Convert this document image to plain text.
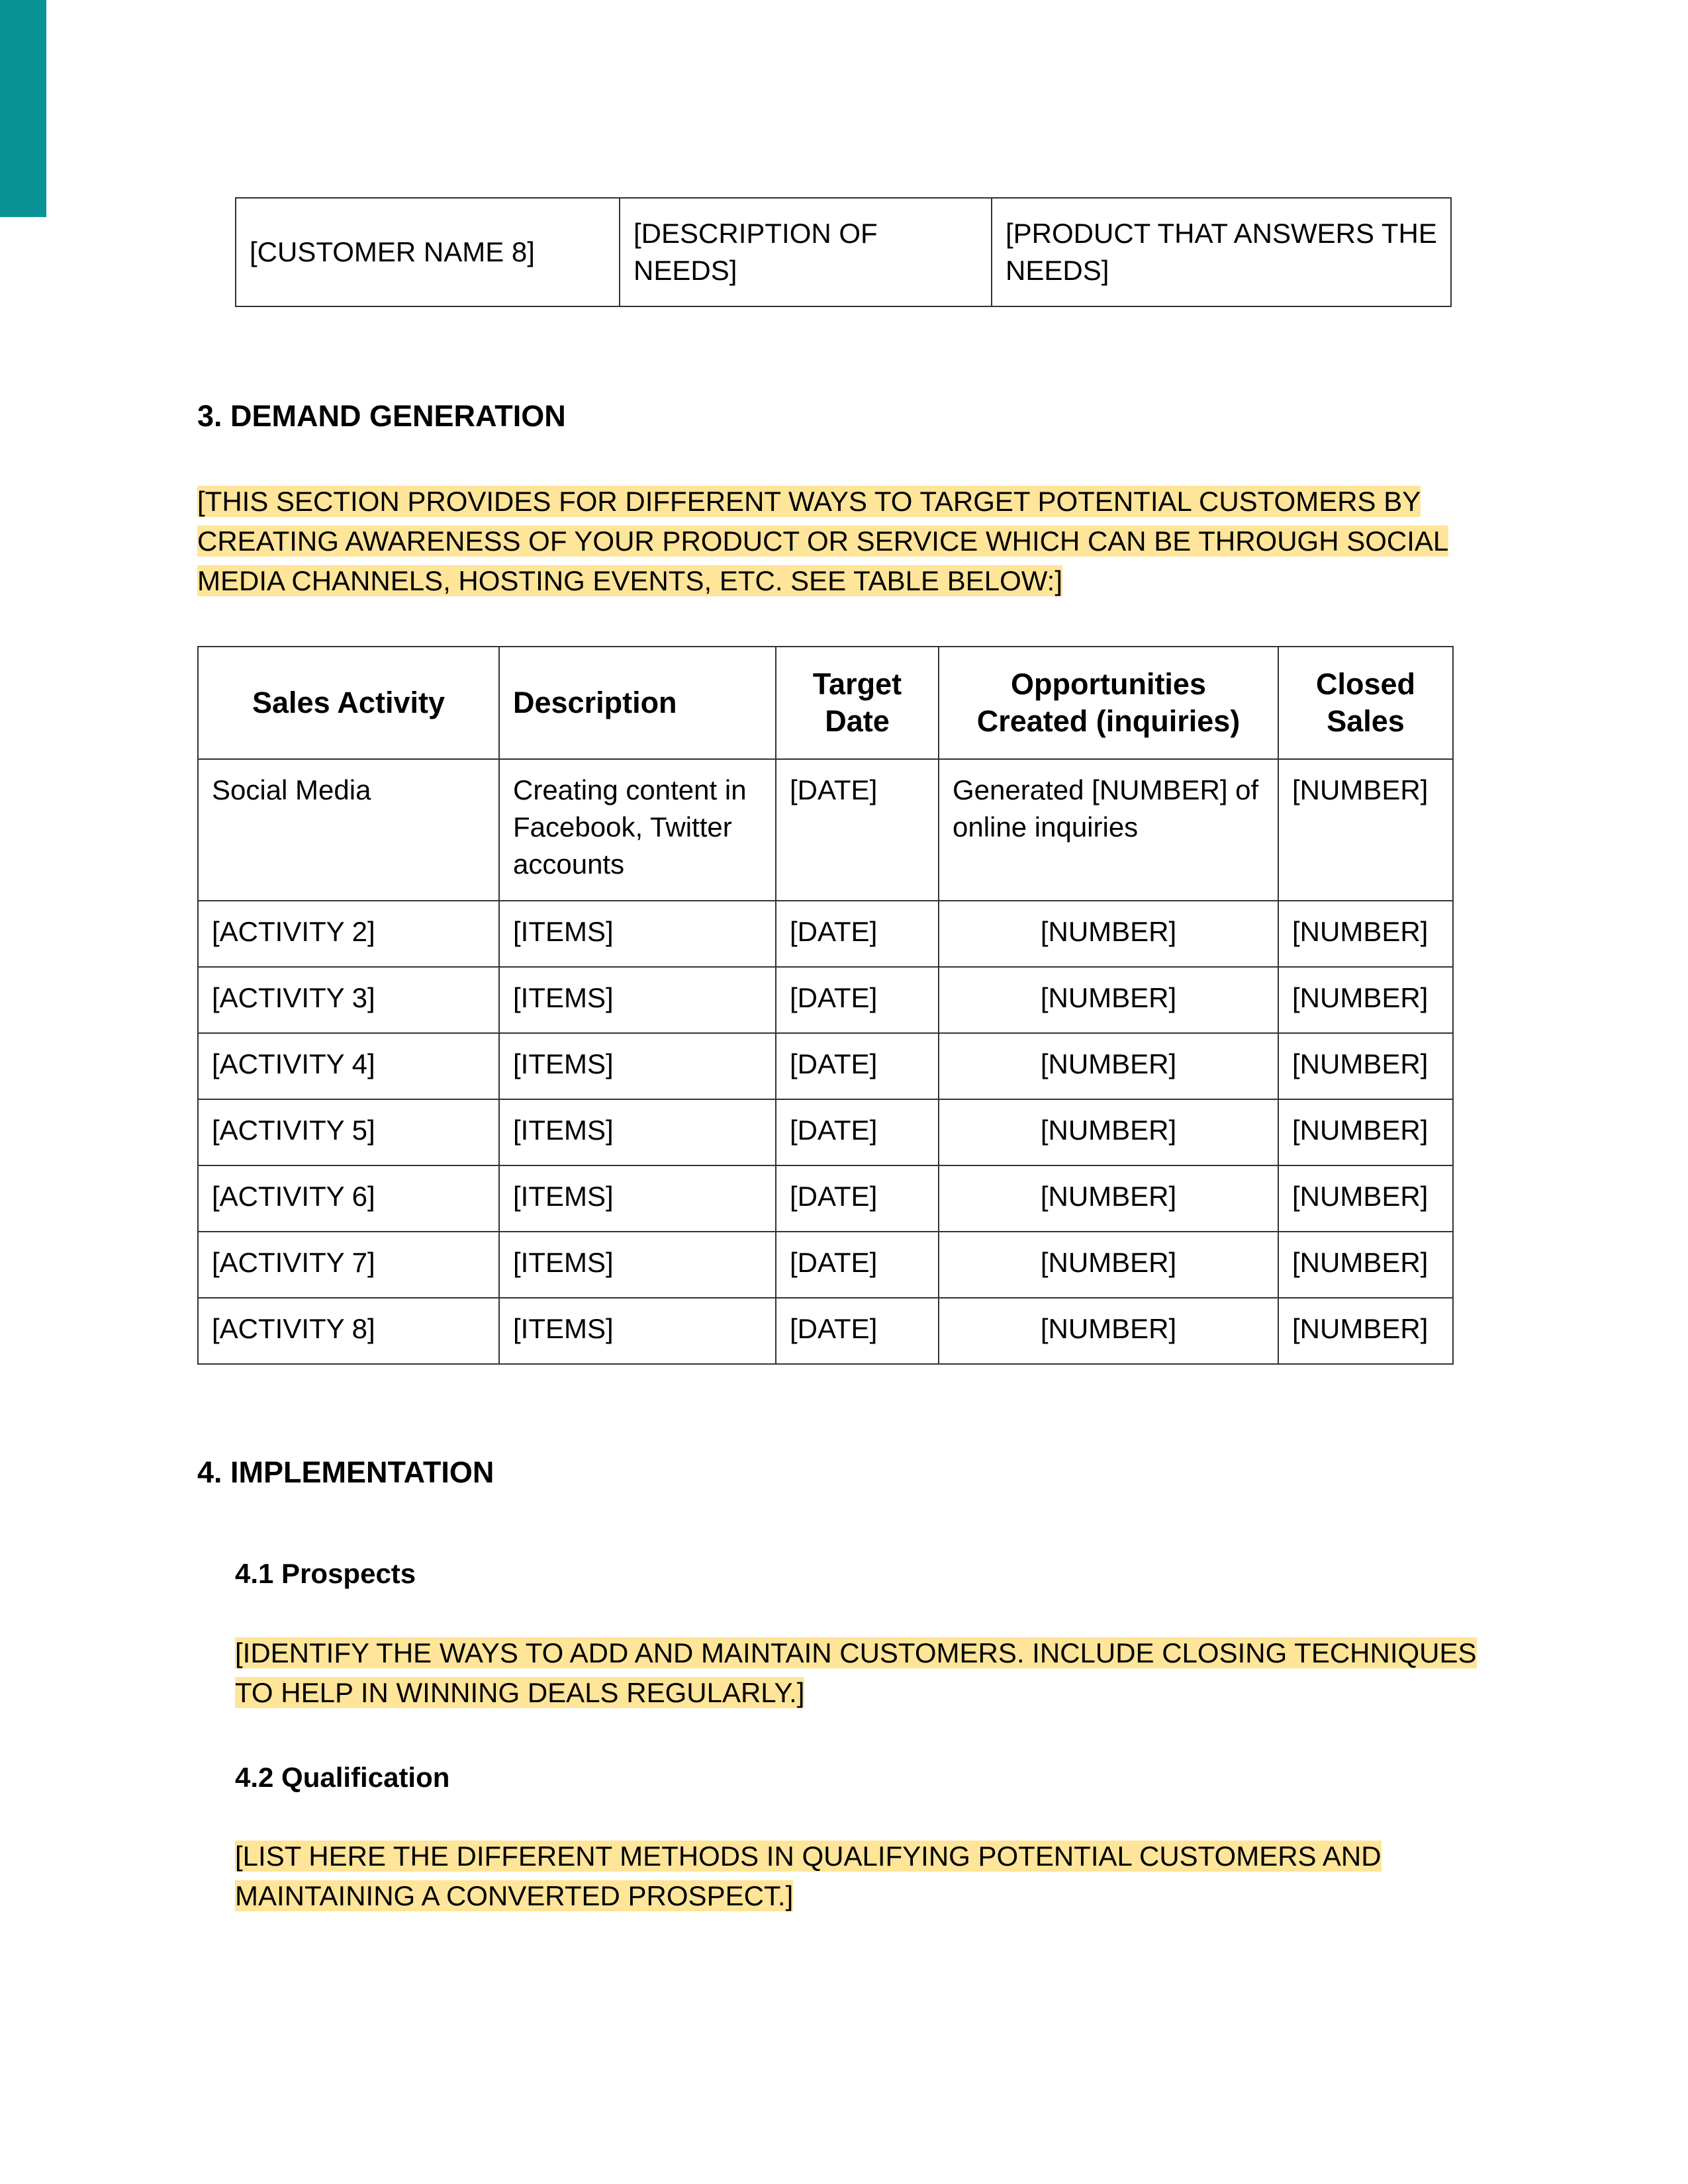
[CUSTOMER NAME 8]	[DESCRIPTION OF NEEDS]	[PRODUCT THAT ANSWERS THE NEEDS]
3. DEMAND GENERATION
[THIS SECTION PROVIDES FOR DIFFERENT WAYS TO TARGET POTENTIAL CUSTOMERS BY CREATING AWARENESS OF YOUR PRODUCT OR SERVICE WHICH CAN BE THROUGH SOCIAL MEDIA CHANNELS, HOSTING EVENTS, ETC. SEE TABLE BELOW:]
Sales Activity	Description	Target Date	Opportunities Created (inquiries)	Closed Sales
Social Media	Creating content in Facebook, Twitter accounts	[DATE]	Generated [NUMBER] of online inquiries	[NUMBER]
[ACTIVITY 2]	[ITEMS]	[DATE]	[NUMBER]	[NUMBER]
[ACTIVITY 3]	[ITEMS]	[DATE]	[NUMBER]	[NUMBER]
[ACTIVITY 4]	[ITEMS]	[DATE]	[NUMBER]	[NUMBER]
[ACTIVITY 5]	[ITEMS]	[DATE]	[NUMBER]	[NUMBER]
[ACTIVITY 6]	[ITEMS]	[DATE]	[NUMBER]	[NUMBER]
[ACTIVITY 7]	[ITEMS]	[DATE]	[NUMBER]	[NUMBER]
[ACTIVITY 8]	[ITEMS]	[DATE]	[NUMBER]	[NUMBER]
4. IMPLEMENTATION
4.1 Prospects
[IDENTIFY THE WAYS TO ADD AND MAINTAIN CUSTOMERS. INCLUDE CLOSING TECHNIQUES TO HELP IN WINNING DEALS REGULARLY.]
4.2 Qualification
[LIST HERE THE DIFFERENT METHODS IN QUALIFYING POTENTIAL CUSTOMERS AND MAINTAINING A CONVERTED PROSPECT.]
